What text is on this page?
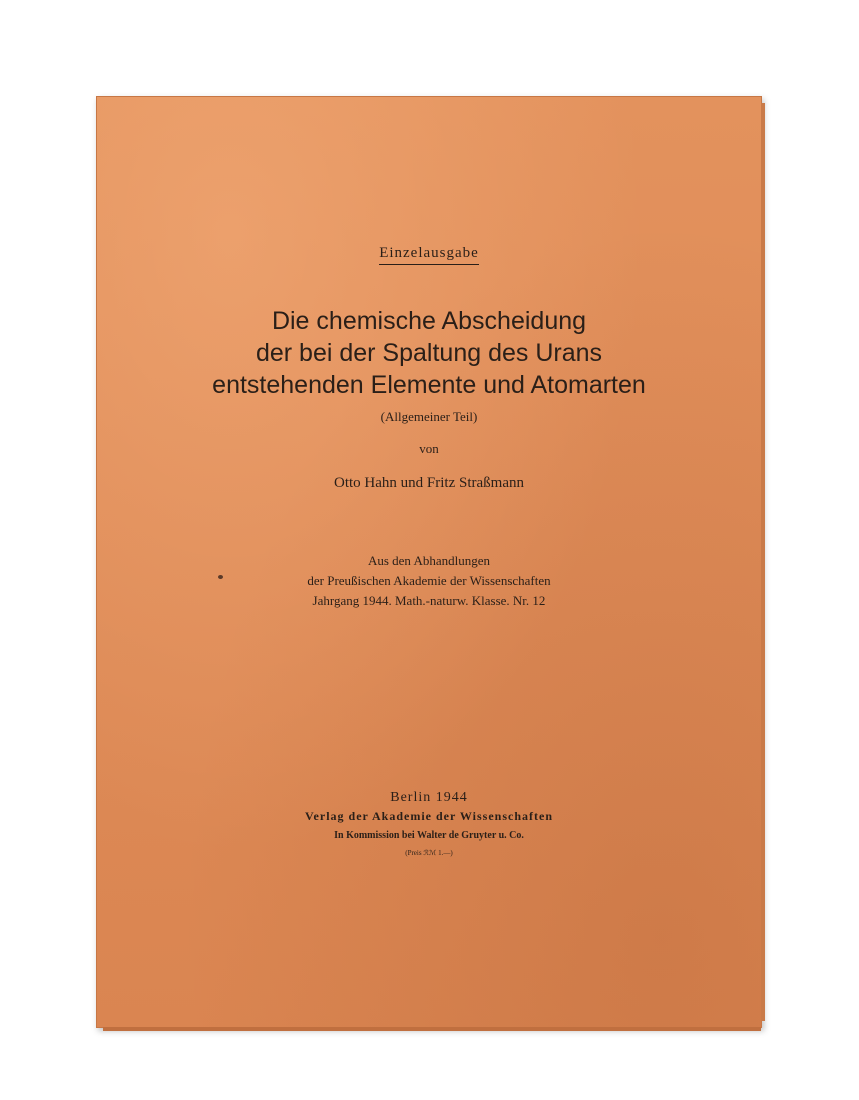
Einzelausgabe

Die chemische Abscheidung
der bei der Spaltung des Urans
entstehenden Elemente und Atomarten

(Allgemeiner Teil)

von

Otto Hahn und Fritz Straßmann

Aus den Abhandlungen
der Preußischen Akademie der Wissenschaften
Jahrgang 1944. Math.-naturw. Klasse. Nr. 12

Berlin 1944

Verlag der Akademie der Wissenschaften

In Kommission bei Walter de Gruyter u. Co.

(Preis ℛℳ 1.—)
